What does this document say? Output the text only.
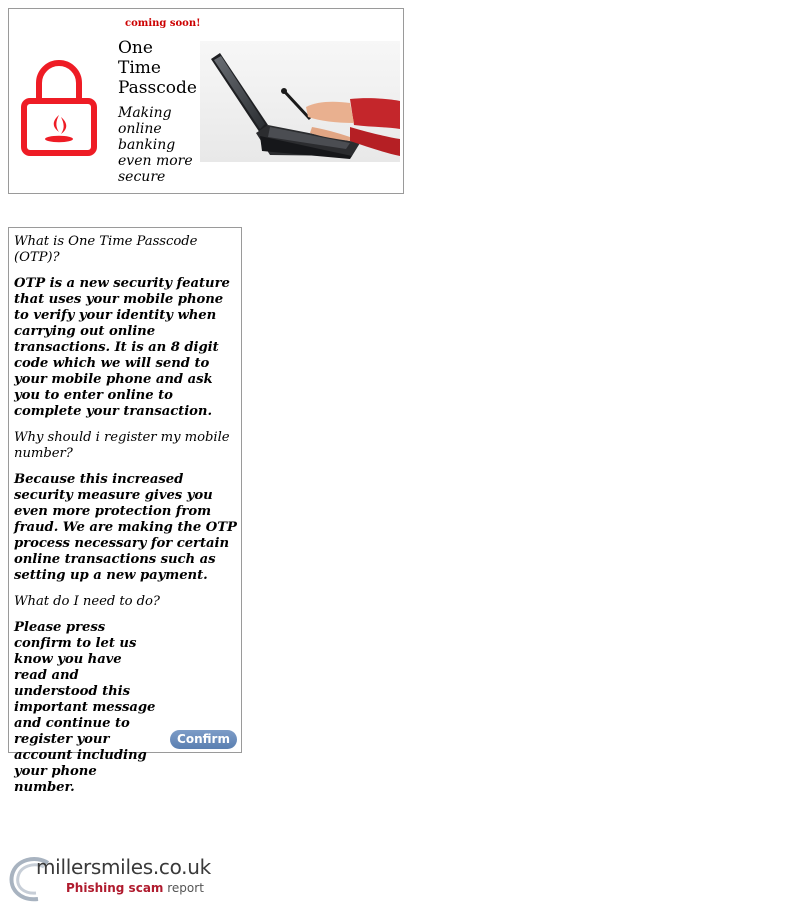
coming soon!
One
Time
Passcode
Making
online
banking
even more
secure

What is One Time Passcode (OTP)?

OTP is a new security feature that uses your mobile phone to verify your identity when carrying out online transactions. It is an 8 digit code which we will send to your mobile phone and ask you to enter online to complete your transaction.

Why should i register my mobile number?

Because this increased security measure gives you even more protection from fraud. We are making the OTP process necessary for certain online transactions such as setting up a new payment.

What do I need to do?

Please press confirm to let us know you have read and understood this important message and continue to register your account including your phone number.

Confirm
millersmiles.co.uk
Phishing scam report
